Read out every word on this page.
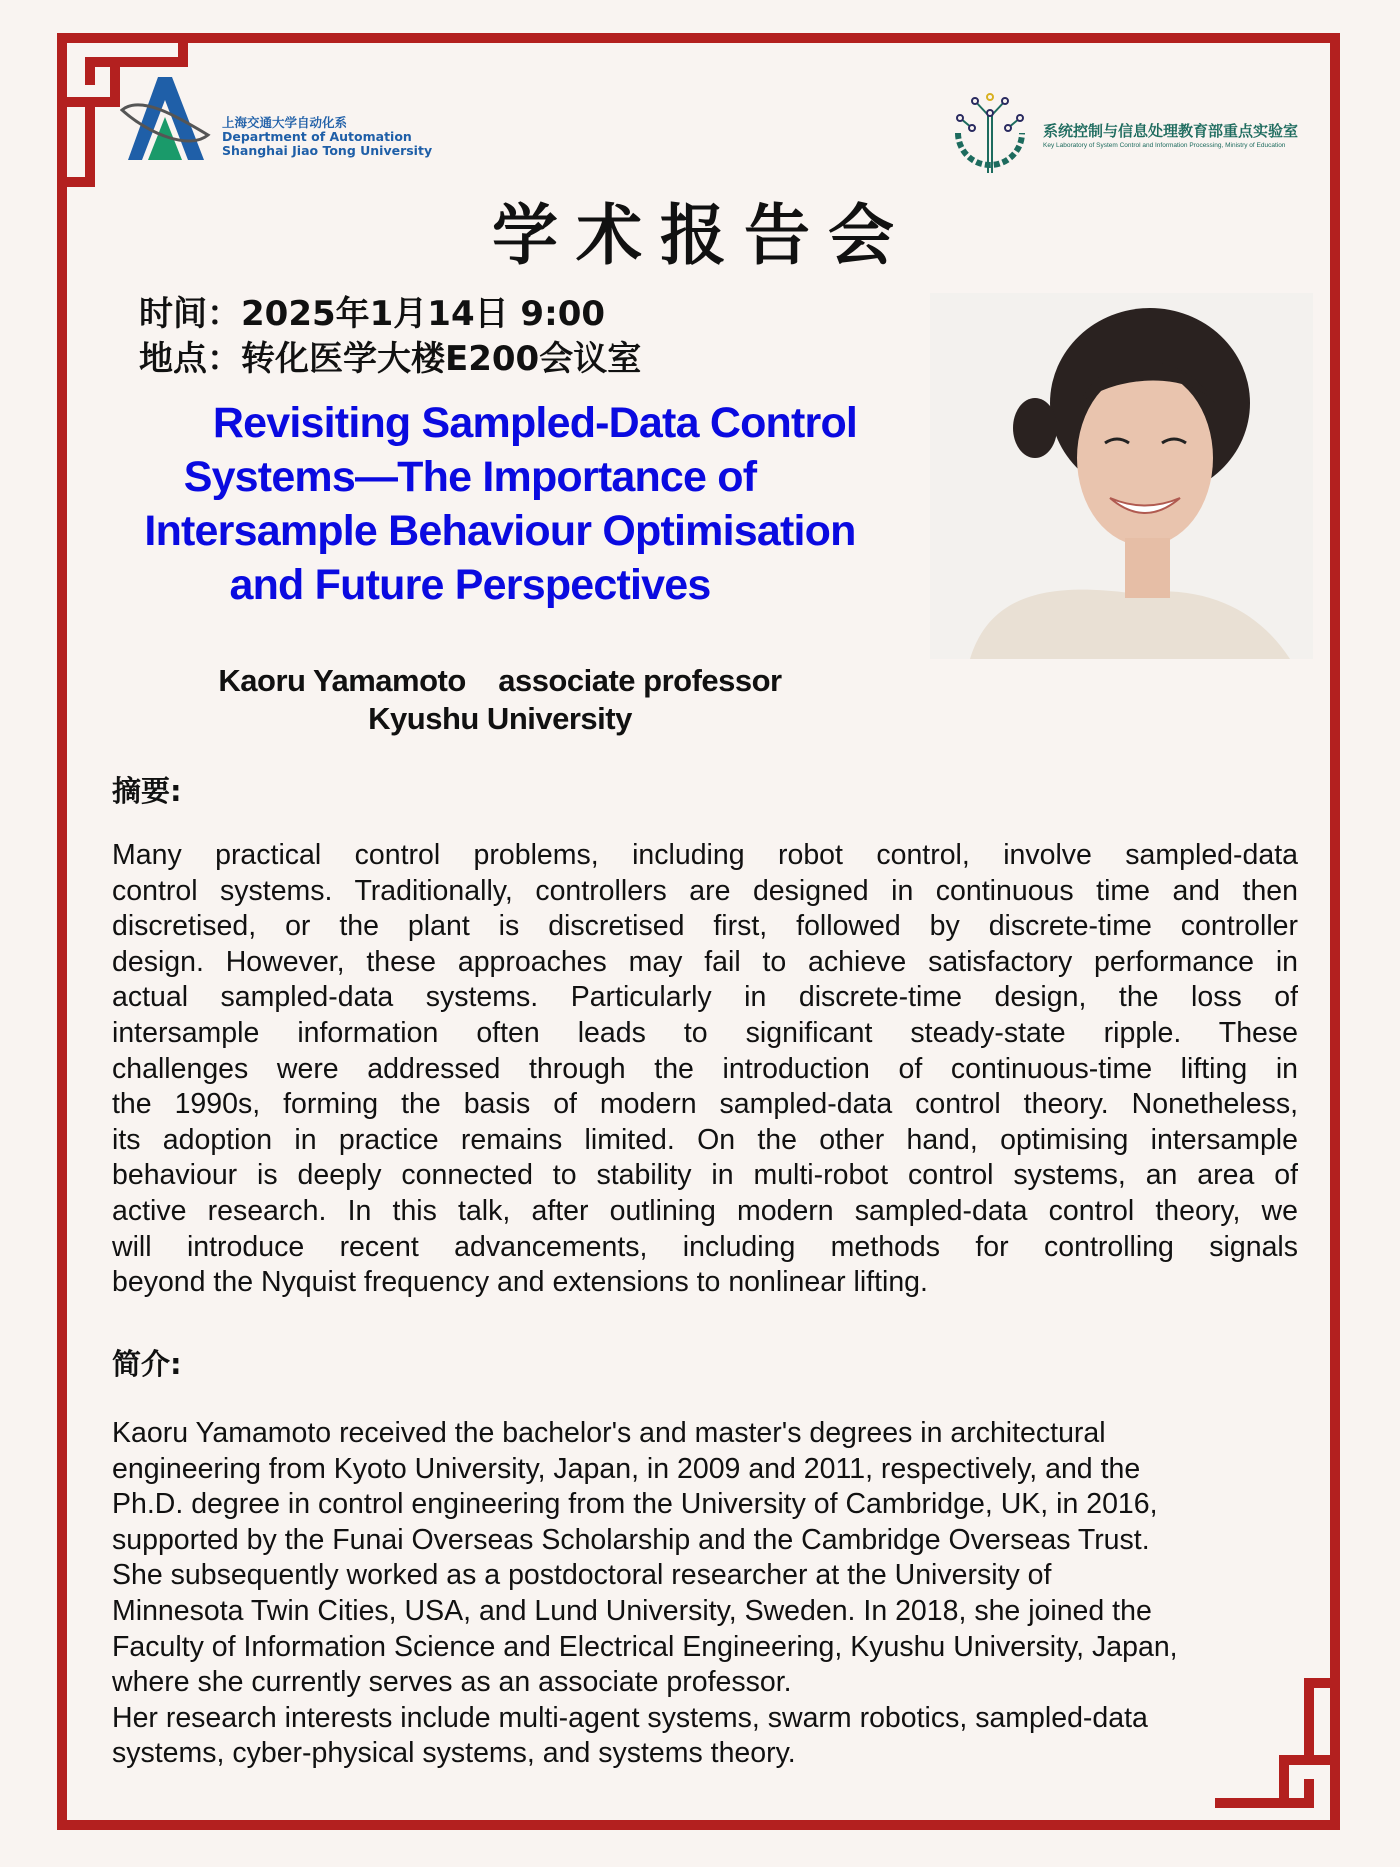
上海交通大学自动化系
Department of Automation
Shanghai Jiao Tong University
系统控制与信息处理教育部重点实验室
Key Laboratory of System Control and Information Processing, Ministry of Education
学术报告会
时间：2025年1月14日 9:00
地点：转化医学大楼E200会议室
Revisiting Sampled-Data Control
Systems—The Importance of
Intersample Behaviour Optimisation
and Future Perspectives
Kaoru Yamamoto    associate professor
Kyushu University
摘要:
Many practical control problems, including robot control, involve sampled-data
control systems. Traditionally, controllers are designed in continuous time and then
discretised, or the plant is discretised first, followed by discrete-time controller
design. However, these approaches may fail to achieve satisfactory performance in
actual sampled-data systems. Particularly in discrete-time design, the loss of
intersample information often leads to significant steady-state ripple. These
challenges were addressed through the introduction of continuous-time lifting in
the 1990s, forming the basis of modern sampled-data control theory. Nonetheless,
its adoption in practice remains limited. On the other hand, optimising intersample
behaviour is deeply connected to stability in multi-robot control systems, an area of
active research. In this talk, after outlining modern sampled-data control theory, we
will introduce recent advancements, including methods for controlling signals
beyond the Nyquist frequency and extensions to nonlinear lifting.
简介:
Kaoru Yamamoto received the bachelor's and master's degrees in architectural
engineering from Kyoto University, Japan, in 2009 and 2011, respectively, and the
Ph.D. degree in control engineering from the University of Cambridge, UK, in 2016,
supported by the Funai Overseas Scholarship and the Cambridge Overseas Trust.
She subsequently worked as a postdoctoral researcher at the University of
Minnesota Twin Cities, USA, and Lund University, Sweden. In 2018, she joined the
Faculty of Information Science and Electrical Engineering, Kyushu University, Japan,
where she currently serves as an associate professor.
Her research interests include multi-agent systems, swarm robotics, sampled-data
systems, cyber-physical systems, and systems theory.
